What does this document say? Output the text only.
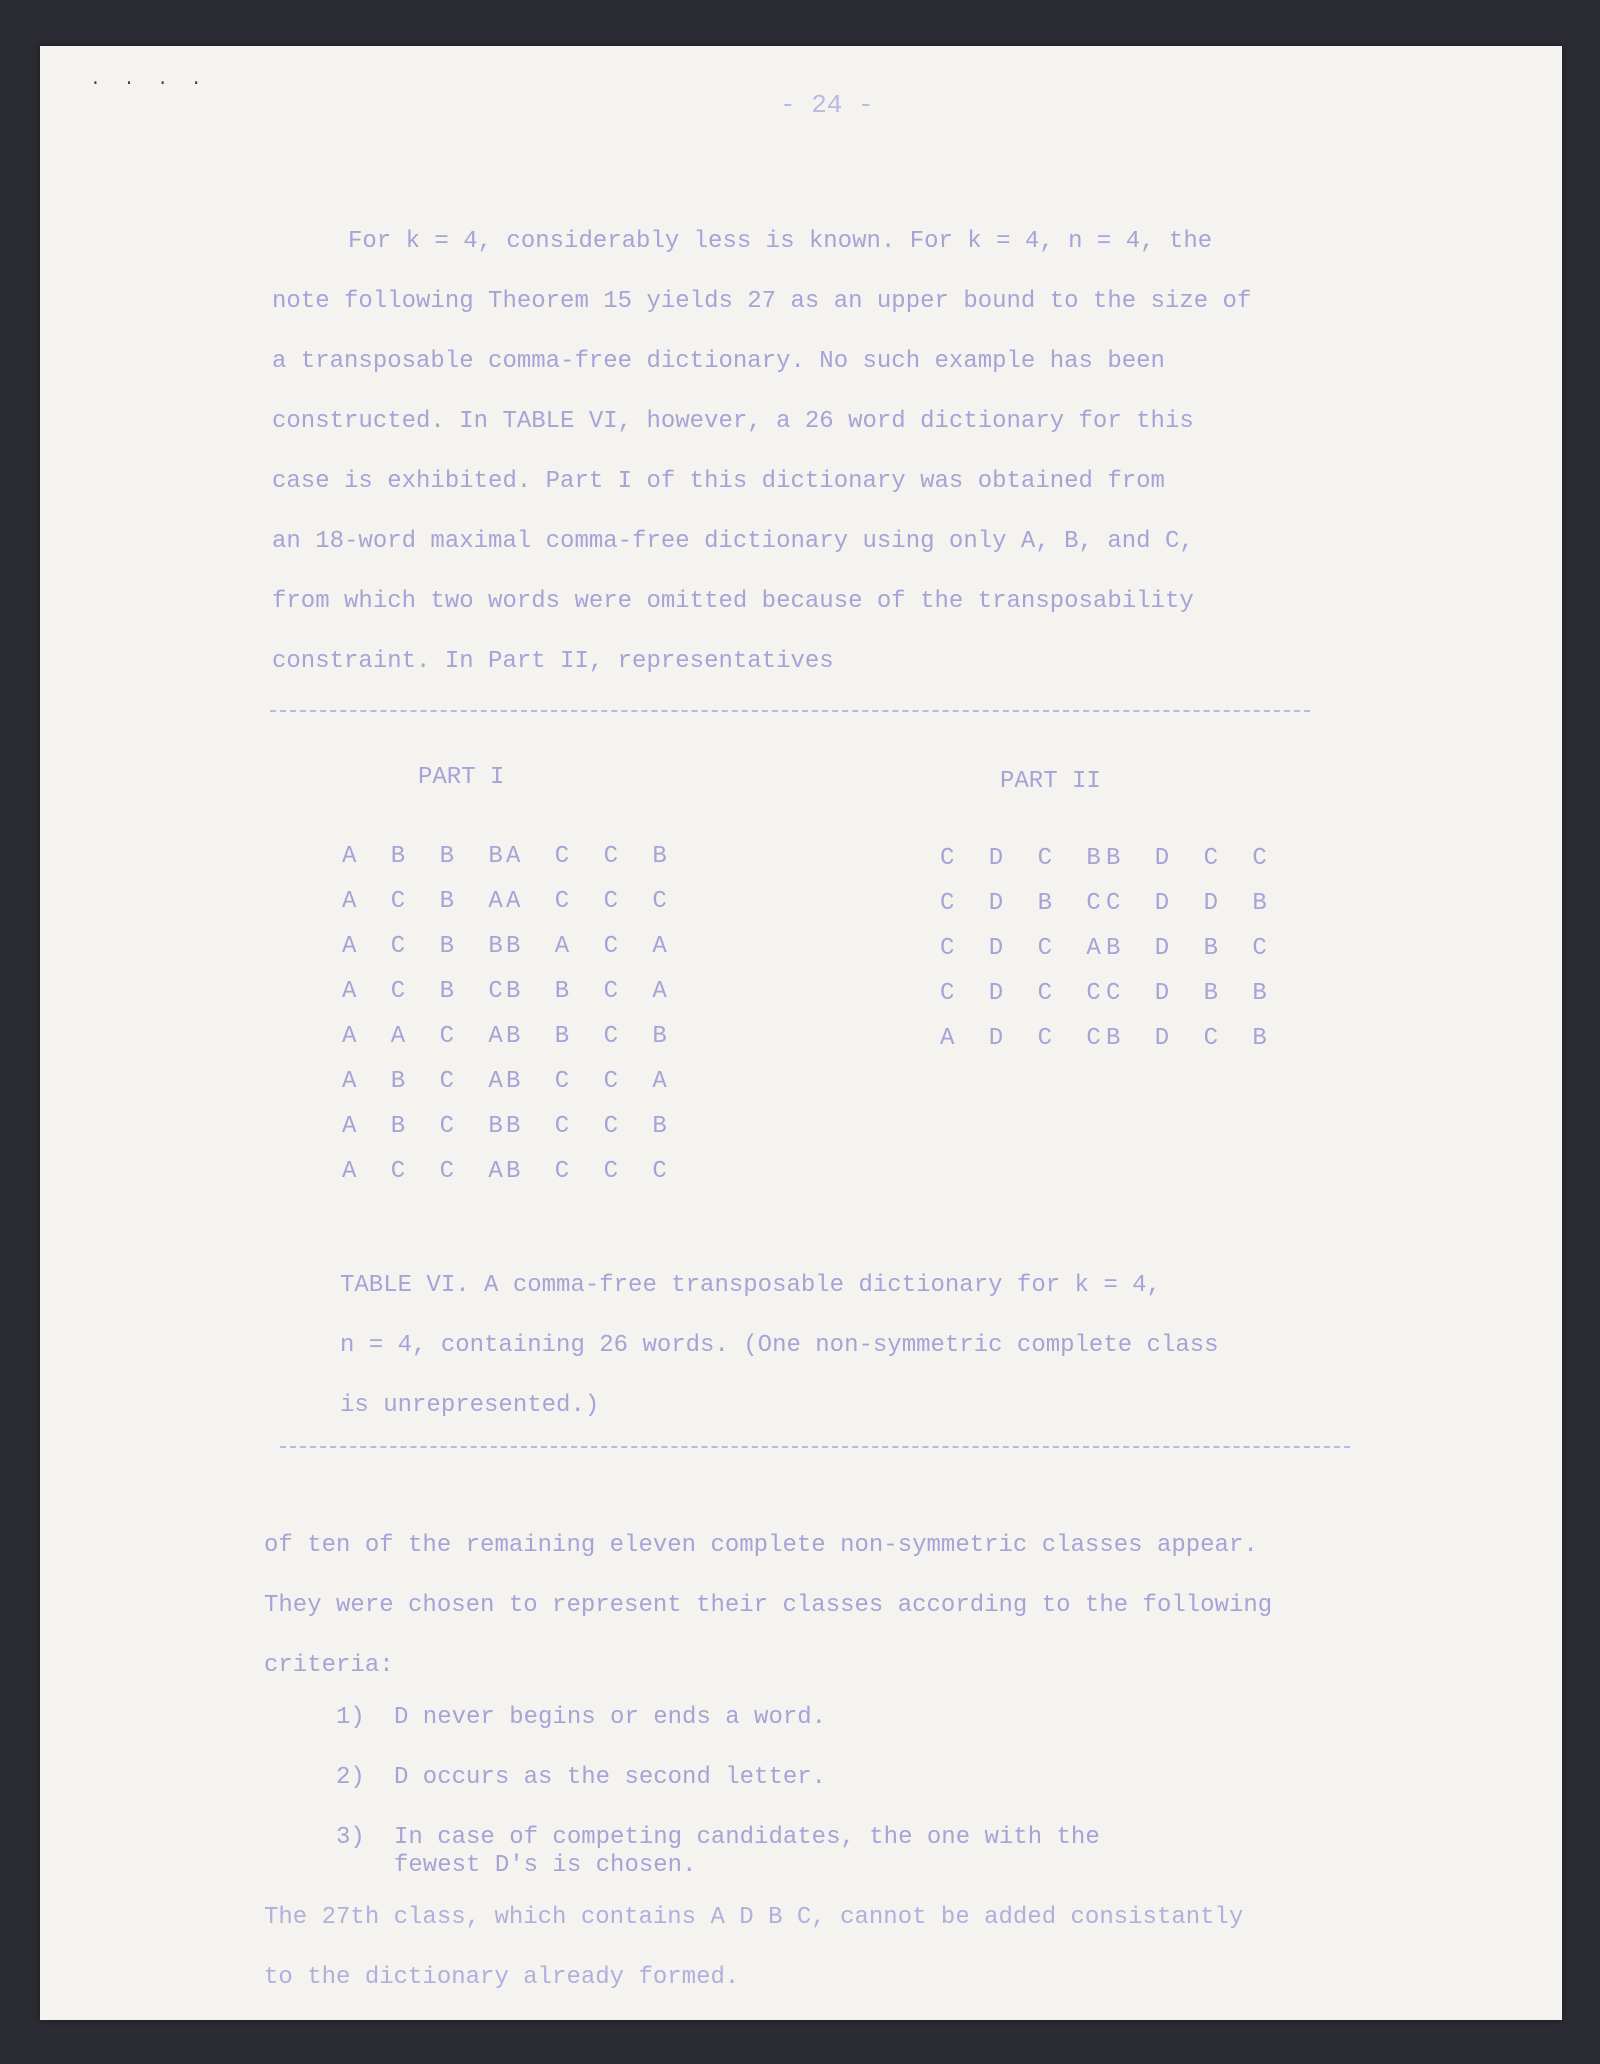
· · · ·
- 24 -
For k = 4, considerably less is known. For k = 4, n = 4, the
note following Theorem 15 yields 27 as an upper bound to the size of
a transposable comma-free dictionary. No such example has been
constructed. In TABLE VI, however, a 26 word dictionary for this
case is exhibited. Part I of this dictionary was obtained from
an 18-word maximal comma-free dictionary using only A, B, and C,
from which two words were omitted because of the transposability
constraint. In Part II, representatives
PART I	PART II
A B B B
A C B A
A C B B
A C B C
A A C A
A B C A
A B C B
A C C A
A C C B
A C C C
B A C A
B B C A
B B C B
B C C A
B C C B
B C C C
C D C B
C D B C
C D C A
C D C C
A D C C
B D C C
C D D B
B D B C
C D B B
B D C B
TABLE VI. A comma-free transposable dictionary for k = 4,
n = 4, containing 26 words. (One non-symmetric complete class
is unrepresented.)
of ten of the remaining eleven complete non-symmetric classes appear.
They were chosen to represent their classes according to the following
criteria:
1) D never begins or ends a word.
2) D occurs as the second letter.
3) In case of competing candidates, the one with the fewest D's is chosen.
The 27th class, which contains A D B C, cannot be added consistantly
to the dictionary already formed.
